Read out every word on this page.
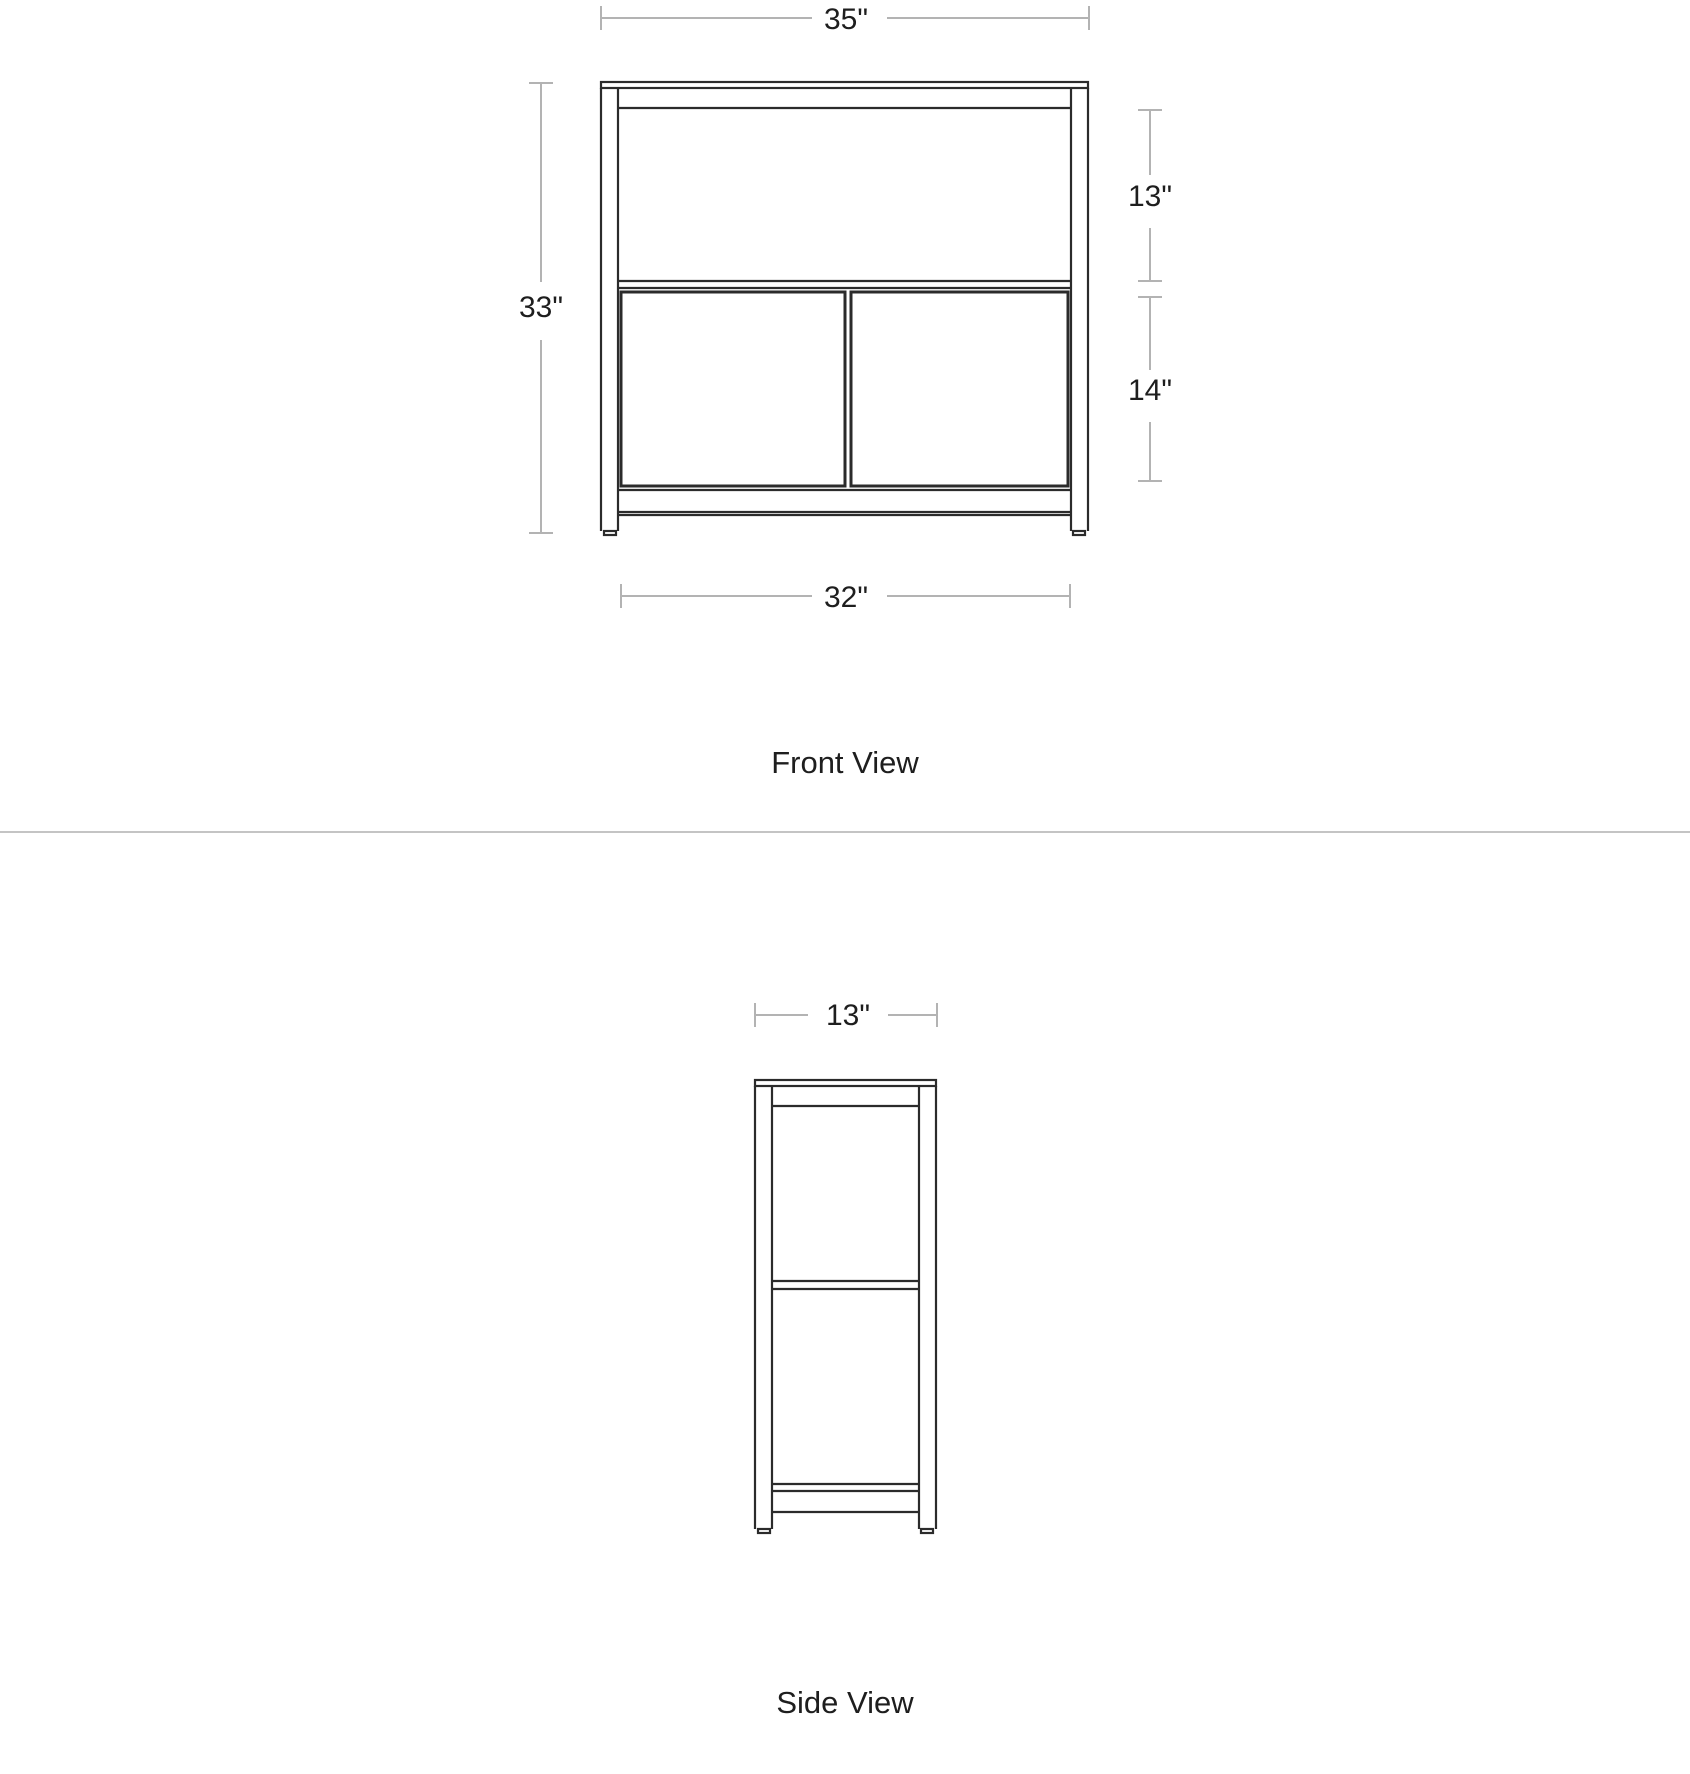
35"
33"
13"
14"
32"
Front View
13"
Side View
